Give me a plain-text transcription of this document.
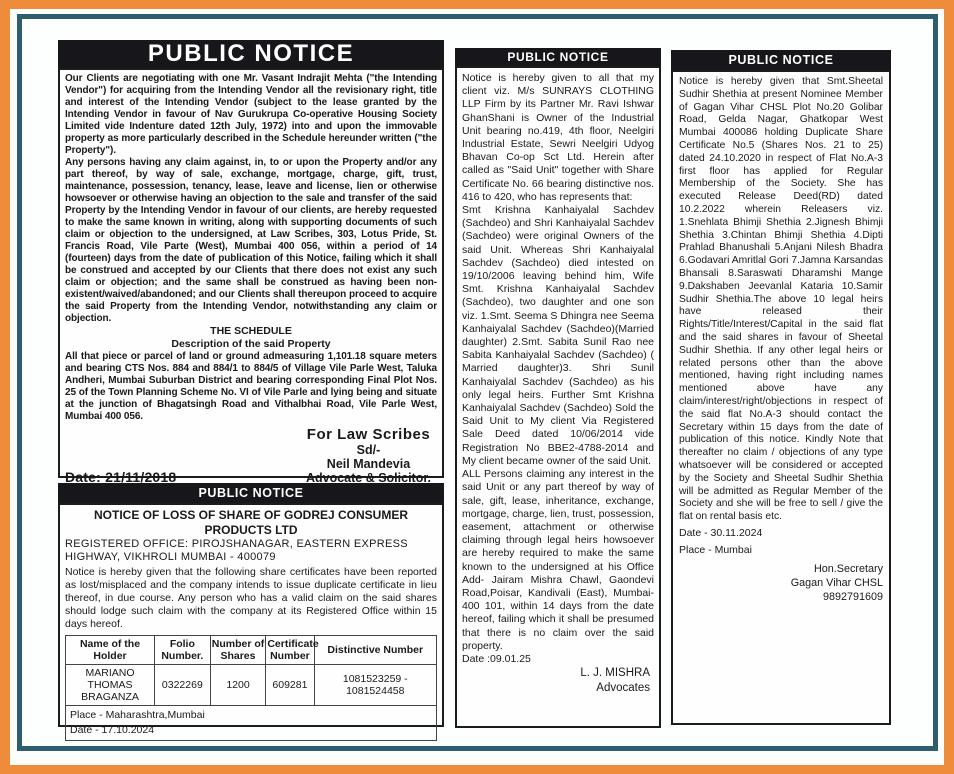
PUBLIC NOTICE
Our Clients are negotiating with one Mr. Vasant Indrajit Mehta ("the Intending Vendor") for acquiring from the Intending Vendor all the revisionary right, title and interest of the Intending Vendor (subject to the lease granted by the Intending Vendor in favour of Nav Gurukrupa Co-operative Housing Society Limited vide Indenture dated 12th July, 1972) into and upon the immovable property as more particularly described in the Schedule hereunder written ("the Property").
Any persons having any claim against, in, to or upon the Property and/or any part thereof, by way of sale, exchange, mortgage, charge, gift, trust, maintenance, possession, tenancy, lease, leave and license, lien or otherwise howsoever or otherwise having an objection to the sale and transfer of the said Property by the Intending Vendor in favour of our clients, are hereby requested to make the same known in writing, along with supporting documents of such claim or objection to the undersigned, at Law Scribes, 303, Lotus Pride, St. Francis Road, Vile Parte (West), Mumbai 400 056, within a period of 14 (fourteen) days from the date of publication of this Notice, failing which it shall be construed and accepted by our Clients that there does not exist any such claim or objection; and the same shall be construed as having been non-existent/waived/abandoned; and our Clients shall thereupon proceed to acquire the said Property from the Intending Vendor, notwithstanding any claim or objection.
THE SCHEDULE
Description of the said Property
All that piece or parcel of land or ground admeasuring 1,101.18 square meters and bearing CTS Nos. 884 and 884/1 to 884/5 of Village Vile Parle West, Taluka Andheri, Mumbai Suburban District and bearing corresponding Final Plot Nos. 25 of the Town Planning Scheme No. VI of Vile Parle and lying being and situate at the junction of Bhagatsingh Road and Vithalbhai Road, Vile Parle West, Mumbai 400 056.
Date: 21/11/2018
For Law Scribes
Sd/-
Neil Mandevia
Advocate & Solicitor.
PUBLIC NOTICE
NOTICE OF LOSS OF SHARE OF GODREJ CONSUMER PRODUCTS LTD
REGISTERED OFFICE: PIROJSHANAGAR, EASTERN EXPRESS HIGHWAY, VIKHROLI MUMBAI - 400079
Notice is hereby given that the following share certificates have been reported as lost/misplaced and the company intends to issue duplicate certificate in lieu thereof, in due course. Any person who has a valid claim on the said shares should lodge such claim with the company at its Registered Office within 15 days hereof.
Name of the Holder	Folio Number.	Number of Shares	Certificate Number	Distinctive Number
MARIANO THOMAS BRAGANZA	0322269	1200	609281	1081523259 - 1081524458
Place - Maharashtra,Mumbai
Date - 17.10.2024
PUBLIC NOTICE
Notice is hereby given to all that my client viz. M/s SUNRAYS CLOTHING LLP Firm by its Partner Mr. Ravi Ishwar GhanShani is Owner of the Industrial Unit bearing no.419, 4th floor, Neelgiri Industrial Estate, Sewri Neelgiri Udyog Bhavan Co-op Sct Ltd. Herein after called as "Said Unit" together with Share Certificate No. 66 bearing distinctive nos. 416 to 420, who has represents that:
Smt Krishna Kanhaiyalal Sachdev (Sachdeo) and Shri Kanhaiyalal Sachdev (Sachdeo) were original Owners of the said Unit. Whereas Shri Kanhaiyalal Sachdev (Sachdeo) died intested on 19/10/2006 leaving behind him, Wife Smt. Krishna Kanhaiyalal Sachdev (Sachdeo), two daughter and one son viz. 1.Smt. Seema S Dhingra nee Seema Kanhaiyalal Sachdev (Sachdeo)(Married daughter) 2.Smt. Sabita Sunil Rao nee Sabita Kanhaiyalal Sachdev (Sachdeo) ( Married daughter)3. Shri Sunil Kanhaiyalal Sachdev (Sachdeo) as his only legal heirs. Further Smt Krishna Kanhaiyalal Sachdev (Sachdeo) Sold the Said Unit to My client Via Registered Sale Deed dated 10/06/2014 vide Registration No BBE2-4788-2014 and My client became owner of the said Unit.
ALL Persons claiming any interest in the said Unit or any part thereof by way of sale, gift, lease, inheritance, exchange, mortgage, charge, lien, trust, possession, easement, attachment or otherwise claiming through legal heirs howsoever are hereby required to make the same known to the undersigned at his Office Add- Jairam Mishra Chawl, Gaondevi Road,Poisar, Kandivali (East), Mumbai- 400 101, within 14 days from the date hereof, failing which it shall be presumed that there is no claim over the said property.
Date :09.01.25
L. J. MISHRA
Advocates
PUBLIC NOTICE
Notice is hereby given that Smt.Sheetal Sudhir Shethia at present Nominee Member of Gagan Vihar CHSL Plot No.20 Golibar Road, Gelda Nagar, Ghatkopar West Mumbai 400086 holding Duplicate Share Certificate No.5 (Shares Nos. 21 to 25) dated 24.10.2020 in respect of Flat No.A-3 first floor has applied for Regular Membership of the Society. She has executed Release Deed(RD) dated 10.2.2022 wherein Releasers viz. 1.Snehlata Bhimji Shethia 2.Jignesh Bhimji Shethia 3.Chintan Bhimji Shethia 4.Dipti Prahlad Bhanushali 5.Anjani Nilesh Bhadra 6.Godavari Amritlal Gori 7.Jamna Karsandas Bhansali 8.Saraswati Dharamshi Mange 9.Dakshaben Jeevanlal Kataria 10.Samir Sudhir Shethia.The above 10 legal heirs have released their Rights/Title/Interest/Capital in the said flat and the said shares in favour of Sheetal Sudhir Shethia. If any other legal heirs or related persons other than the above mentioned, having right including names mentioned above have any claim/interest/right/objections in respect of the said flat No.A-3 should contact the Secretary within 15 days from the date of publication of this notice. Kindly Note that thereafter no claim / objections of any type whatsoever will be considered or accepted by the Society and Sheetal Sudhir Shethia will be admitted as Regular Member of the Society and she will be free to sell / give the flat on rental basis etc.
Date - 30.11.2024
Place - Mumbai
Hon.Secretary
Gagan Vihar CHSL
9892791609
